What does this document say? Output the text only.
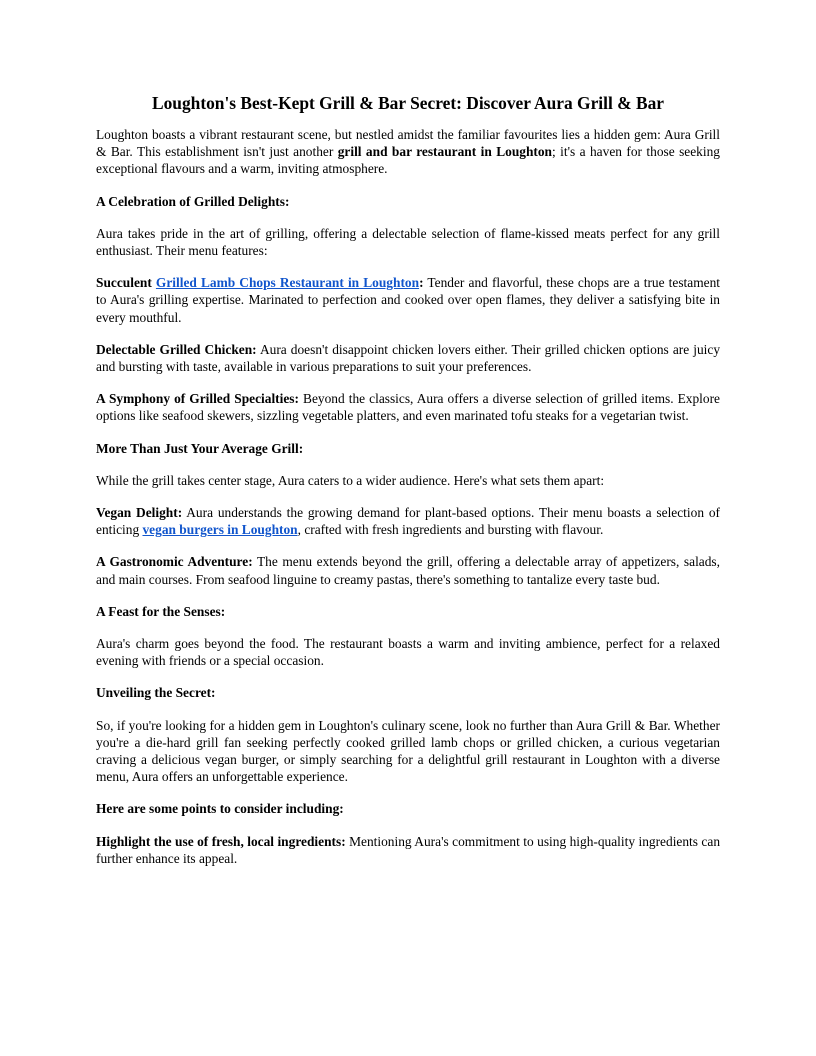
Loughton's Best-Kept Grill & Bar Secret: Discover Aura Grill & Bar

Loughton boasts a vibrant restaurant scene, but nestled amidst the familiar favourites lies a hidden gem: Aura Grill & Bar. This establishment isn't just another grill and bar restaurant in Loughton; it's a haven for those seeking exceptional flavours and a warm, inviting atmosphere.

A Celebration of Grilled Delights:

Aura takes pride in the art of grilling, offering a delectable selection of flame-kissed meats perfect for any grill enthusiast. Their menu features:

Succulent Grilled Lamb Chops Restaurant in Loughton: Tender and flavorful, these chops are a true testament to Aura's grilling expertise. Marinated to perfection and cooked over open flames, they deliver a satisfying bite in every mouthful.

Delectable Grilled Chicken: Aura doesn't disappoint chicken lovers either. Their grilled chicken options are juicy and bursting with taste, available in various preparations to suit your preferences.

A Symphony of Grilled Specialties: Beyond the classics, Aura offers a diverse selection of grilled items. Explore options like seafood skewers, sizzling vegetable platters, and even marinated tofu steaks for a vegetarian twist.

More Than Just Your Average Grill:

While the grill takes center stage, Aura caters to a wider audience. Here's what sets them apart:

Vegan Delight: Aura understands the growing demand for plant-based options. Their menu boasts a selection of enticing vegan burgers in Loughton, crafted with fresh ingredients and bursting with flavour.

A Gastronomic Adventure: The menu extends beyond the grill, offering a delectable array of appetizers, salads, and main courses. From seafood linguine to creamy pastas, there's something to tantalize every taste bud.

A Feast for the Senses:

Aura's charm goes beyond the food. The restaurant boasts a warm and inviting ambience, perfect for a relaxed evening with friends or a special occasion.

Unveiling the Secret:

So, if you're looking for a hidden gem in Loughton's culinary scene, look no further than Aura Grill & Bar. Whether you're a die-hard grill fan seeking perfectly cooked grilled lamb chops or grilled chicken, a curious vegetarian craving a delicious vegan burger, or simply searching for a delightful grill restaurant in Loughton with a diverse menu, Aura offers an unforgettable experience.

Here are some points to consider including:

Highlight the use of fresh, local ingredients: Mentioning Aura's commitment to using high-quality ingredients can further enhance its appeal.
